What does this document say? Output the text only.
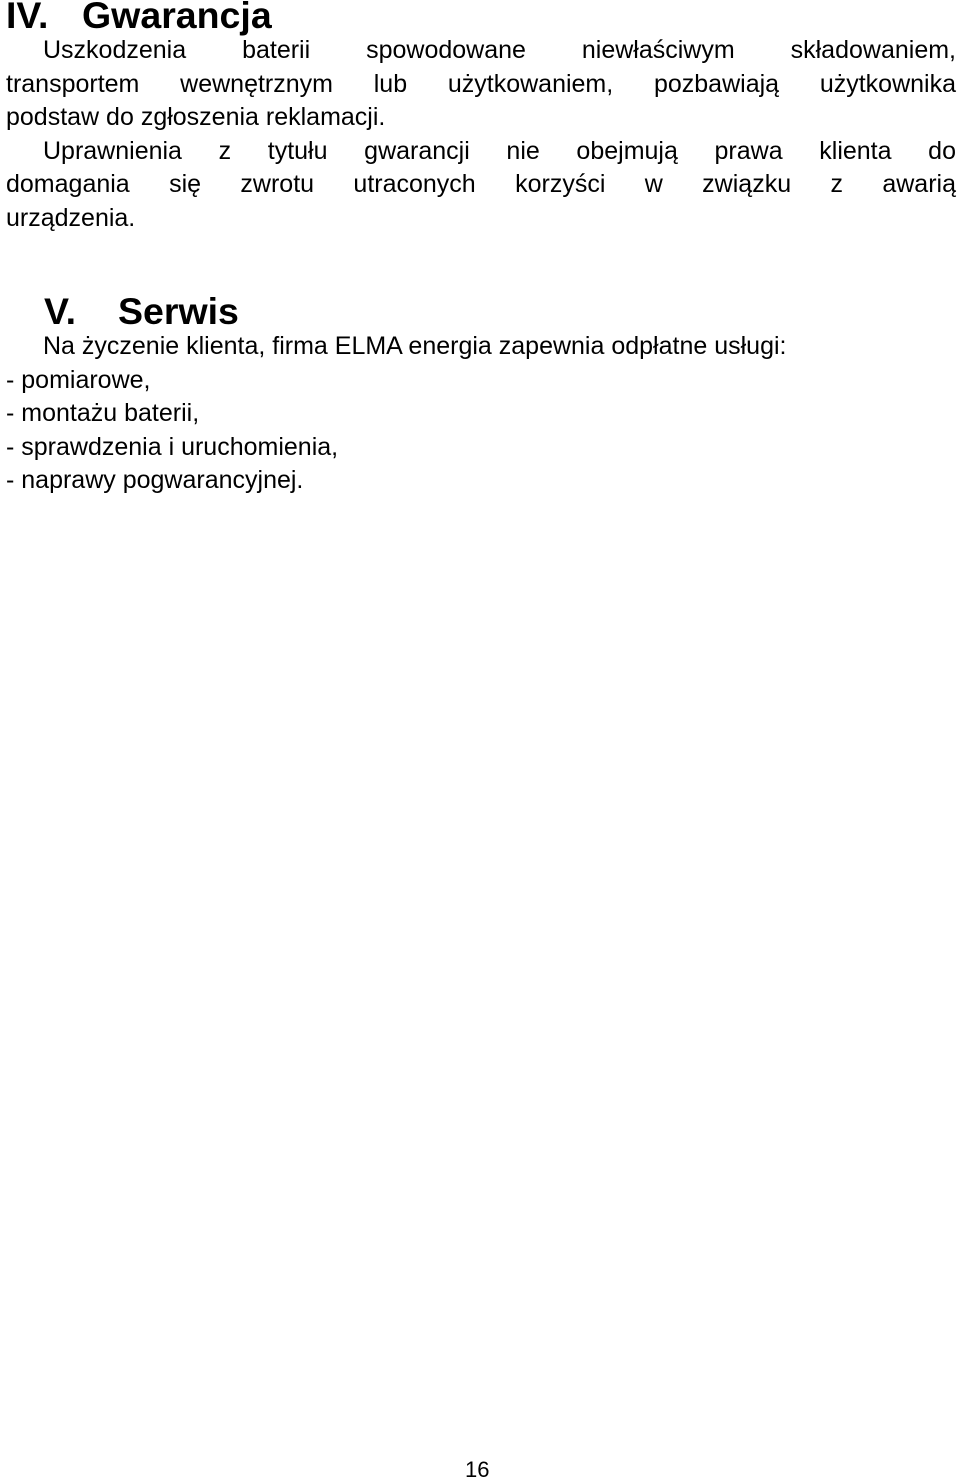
IV. Gwarancja
Uszkodzenia baterii spowodowane niewłaściwym składowaniem,
transportem wewnętrznym lub użytkowaniem, pozbawiają użytkownika
podstaw do zgłoszenia reklamacji.
Uprawnienia z tytułu gwarancji nie obejmują prawa klienta do
domagania się zwrotu utraconych korzyści w związku z awarią
urządzenia.
V. Serwis

Na życzenie klienta, firma ELMA energia zapewnia odpłatne usługi:

- pomiarowe,
- montażu baterii,
- sprawdzenia i uruchomienia,
- naprawy pogwarancyjnej.
16
